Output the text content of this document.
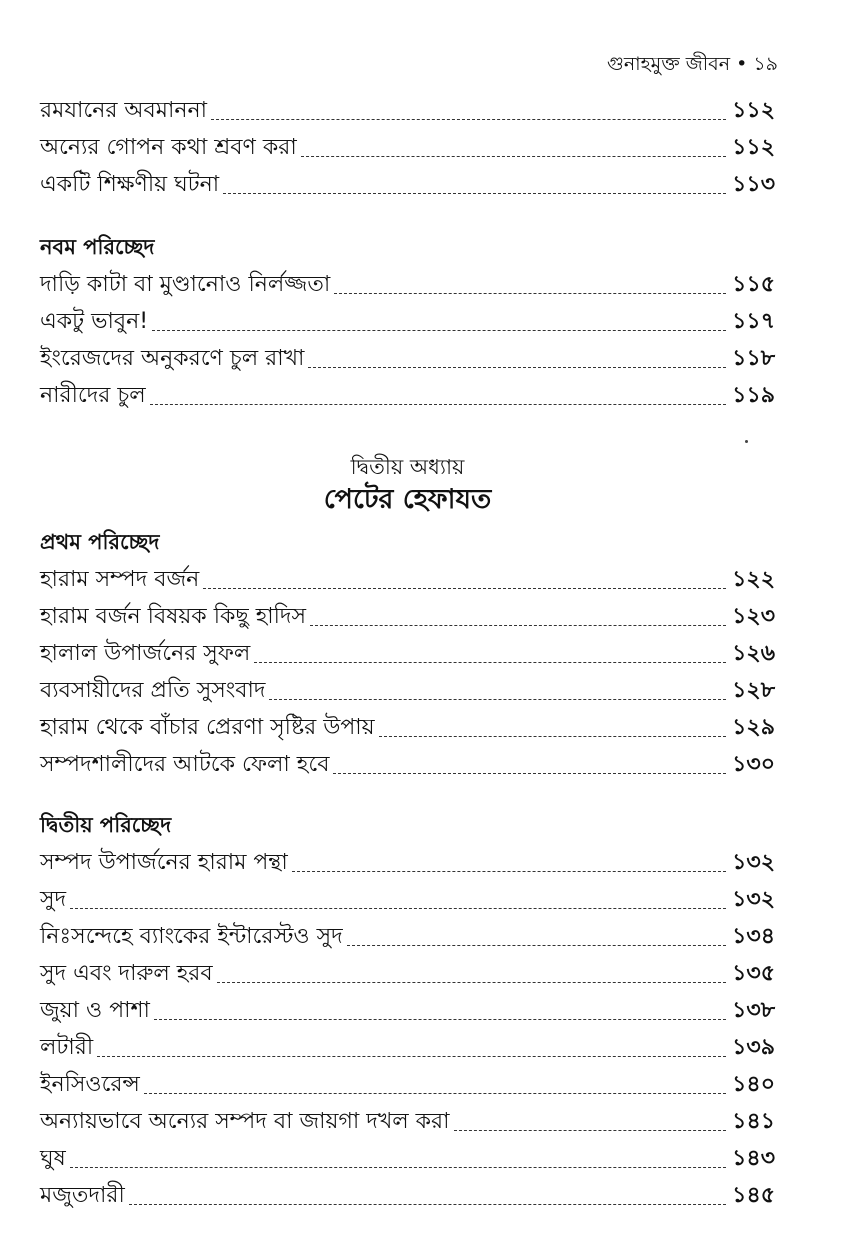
গুনাহমুক্ত জীবন • ১৯
রমযানের অবমাননা	১১২
অন্যের গোপন কথা শ্রবণ করা	১১২
একটি শিক্ষণীয় ঘটনা	১১৩
নবম পরিচ্ছেদ
দাড়ি কাটা বা মুণ্ডানোও নির্লজ্জতা	১১৫
একটু ভাবুন!	১১৭
ইংরেজদের অনুকরণে চুল রাখা	১১৮
নারীদের চুল	১১৯
দ্বিতীয় অধ্যায়
পেটের হেফাযত
প্রথম পরিচ্ছেদ
হারাম সম্পদ বর্জন	১২২
হারাম বর্জন বিষয়ক কিছু হাদিস	১২৩
হালাল উপার্জনের সুফল	১২৬
ব্যবসায়ীদের প্রতি সুসংবাদ	১২৮
হারাম থেকে বাঁচার প্রেরণা সৃষ্টির উপায়	১২৯
সম্পদশালীদের আটকে ফেলা হবে	১৩০
দ্বিতীয় পরিচ্ছেদ
সম্পদ উপার্জনের হারাম পন্থা	১৩২
সুদ	১৩২
নিঃসন্দেহে ব্যাংকের ইন্টারেস্টও সুদ	১৩৪
সুদ এবং দারুল হরব	১৩৫
জুয়া ও পাশা	১৩৮
লটারী	১৩৯
ইনসিওরেন্স	১৪০
অন্যায়ভাবে অন্যের সম্পদ বা জায়গা দখল করা	১৪১
ঘুষ	১৪৩
মজুতদারী	১৪৫
